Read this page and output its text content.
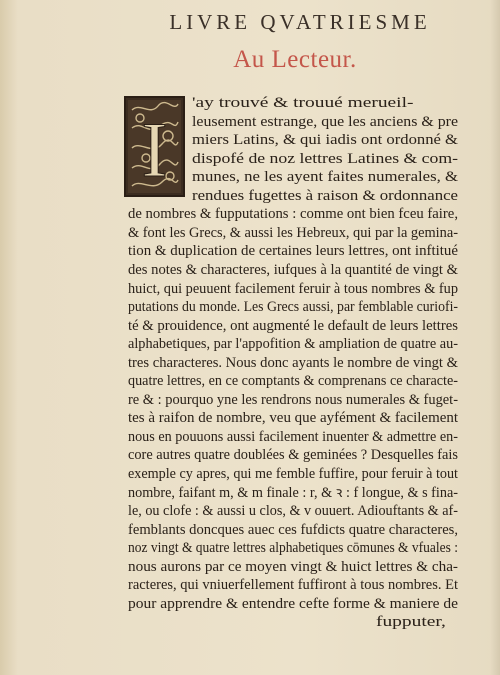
LIVRE QVATRIESME
Au Lecteur.
I
'ay trouvé & trouué merueil-
leusement estrange, que les anciens & pre
miers Latins, & qui iadis ont ordonné &
dispofé de noz lettres Latines & com-
munes, ne les ayent faites numerales, &
rendues fugettes à raison & ordonnance
de nombres & fupputations : comme ont bien fceu faire,
& font les Grecs, & aussi les Hebreux, qui par la gemina-
tion & duplication de certaines leurs lettres, ont inftitué
des notes & characteres, iufques à la quantité de vingt &
huict, qui peuuent facilement feruir à tous nombres & fup
putations du monde. Les Grecs aussi, par femblable curiofi-
té & prouidence, ont augmenté le default de leurs lettres
alphabetiques, par l'appofition & ampliation de quatre au-
tres characteres. Nous donc ayants le nombre de vingt &
quatre lettres, en ce comptants & comprenans ce characte-
re & : pourquo yne les rendrons nous numerales & fuget-
tes à raifon de nombre, veu que ayfément & facilement
nous en pouuons aussi facilement inuenter & admettre en-
core autres quatre doublées & geminées ? Desquelles fais
exemple cy apres, qui me femble fuffire, pour feruir à tout
nombre, faifant m, & m finale : r, & ꝛ : f longue, & s fina-
le, ou clofe : & aussi u clos, & v ouuert. Adiouftants & af-
femblants doncques auec ces fufdicts quatre characteres,
noz vingt & quatre lettres alphabetiques cōmunes & vfuales :
nous aurons par ce moyen vingt & huict lettres & cha-
racteres, qui vniuerfellement fuffiront à tous nombres. Et
pour apprendre & entendre cefte forme & maniere de
fupputer,
